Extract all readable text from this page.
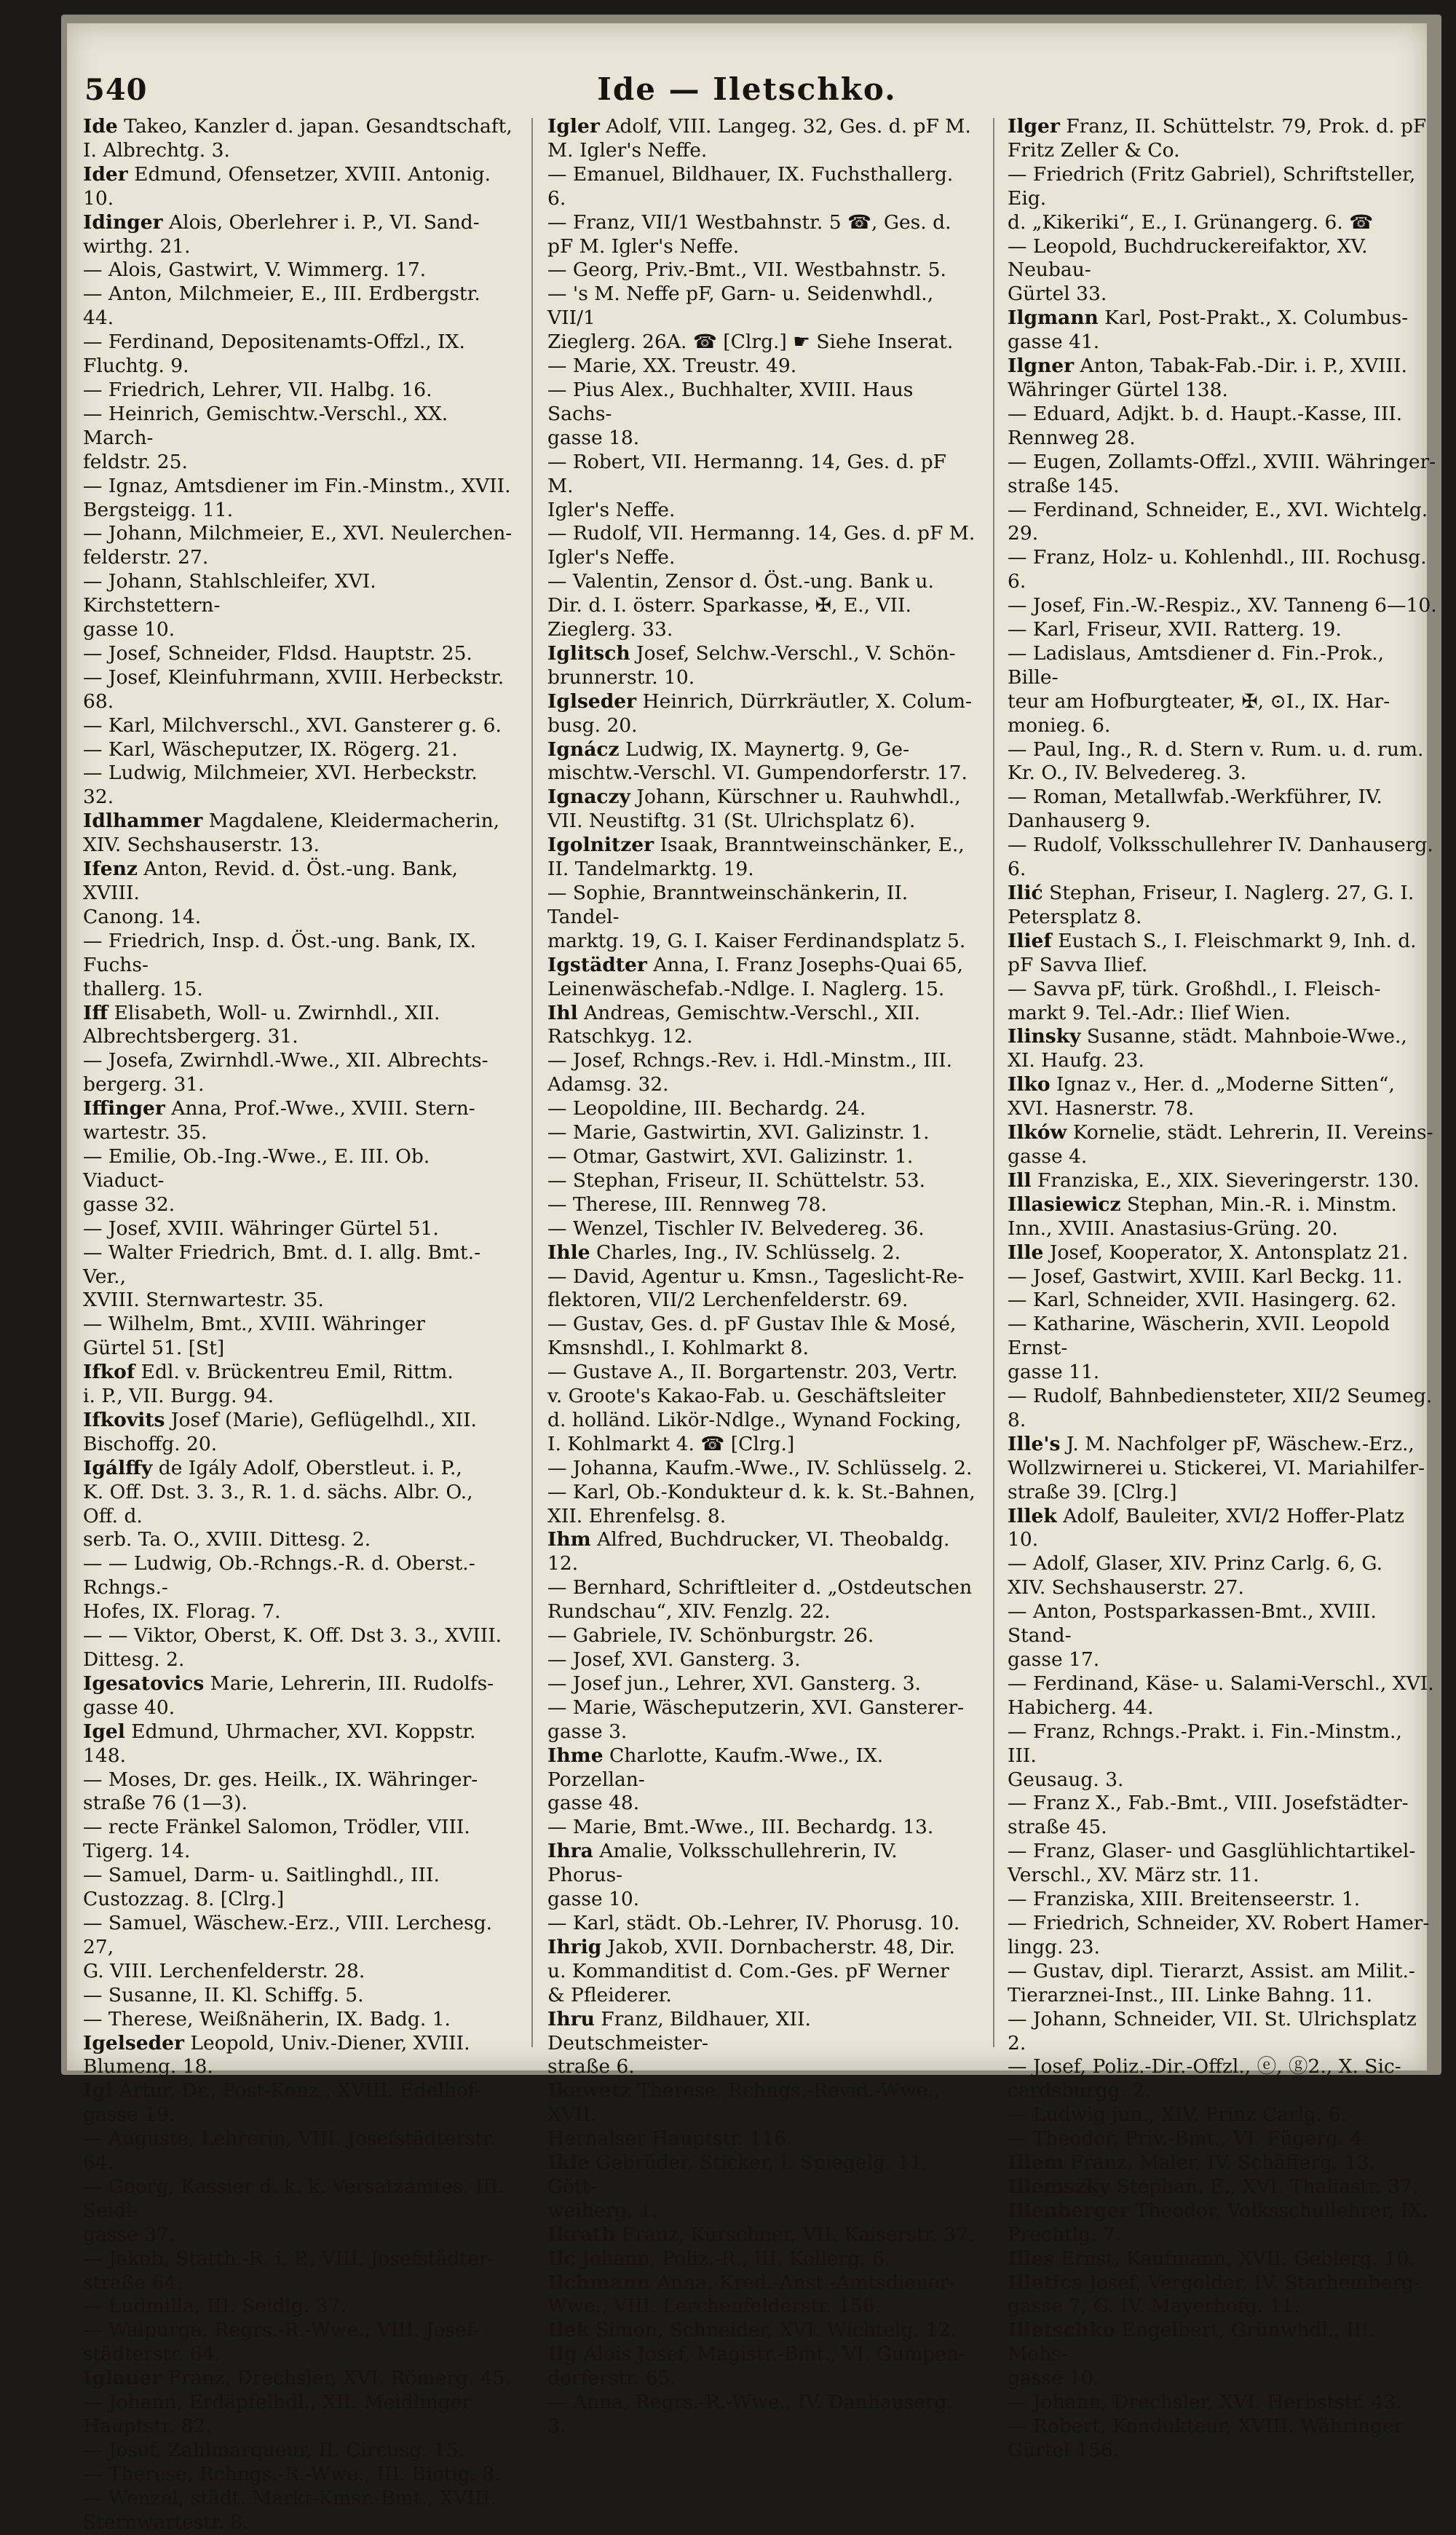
540	Ide — Iletschko.
Ide Takeo, Kanzler d. japan. Gesandtschaft,
I. Albrechtg. 3.
Ider Edmund, Ofensetzer, XVIII. Antonig. 10.
Idinger Alois, Oberlehrer i. P., VI. Sand-
wirthg. 21.
— Alois, Gastwirt, V. Wimmerg. 17.
— Anton, Milchmeier, E., III. Erdbergstr. 44.
— Ferdinand, Depositenamts-Offzl., IX.
Fluchtg. 9.
— Friedrich, Lehrer, VII. Halbg. 16.
— Heinrich, Gemischtw.-Verschl., XX. March-
feldstr. 25.
— Ignaz, Amtsdiener im Fin.-Minstm., XVII.
Bergsteigg. 11.
— Johann, Milchmeier, E., XVI. Neulerchen-
felderstr. 27.
— Johann, Stahlschleifer, XVI. Kirchstettern-
gasse 10.
— Josef, Schneider, Fldsd. Hauptstr. 25.
— Josef, Kleinfuhrmann, XVIII. Herbeckstr. 68.
— Karl, Milchverschl., XVI. Gansterer g. 6.
— Karl, Wäscheputzer, IX. Rögerg. 21.
— Ludwig, Milchmeier, XVI. Herbeckstr. 32.
Idlhammer Magdalene, Kleidermacherin,
XIV. Sechshauserstr. 13.
Ifenz Anton, Revid. d. Öst.-ung. Bank, XVIII.
Canong. 14.
— Friedrich, Insp. d. Öst.-ung. Bank, IX. Fuchs-
thallerg. 15.
Iff Elisabeth, Woll- u. Zwirnhdl., XII.
Albrechtsbergerg. 31.
— Josefa, Zwirnhdl.-Wwe., XII. Albrechts-
bergerg. 31.
Iffinger Anna, Prof.-Wwe., XVIII. Stern-
wartestr. 35.
— Emilie, Ob.-Ing.-Wwe., E. III. Ob. Viaduct-
gasse 32.
— Josef, XVIII. Währinger Gürtel 51.
— Walter Friedrich, Bmt. d. I. allg. Bmt.-Ver.,
XVIII. Sternwartestr. 35.
— Wilhelm, Bmt., XVIII. Währinger
Gürtel 51. [St]
Ifkof Edl. v. Brückentreu Emil, Rittm.
i. P., VII. Burgg. 94.
Ifkovits Josef (Marie), Geflügelhdl., XII.
Bischoffg. 20.
Igálffy de Igály Adolf, Oberstleut. i. P.,
K. Off. Dst. 3. 3., R. 1. d. sächs. Albr. O., Off. d.
serb. Ta. O., XVIII. Dittesg. 2.
— — Ludwig, Ob.-Rchngs.-R. d. Oberst.-Rchngs.-
Hofes, IX. Florag. 7.
— — Viktor, Oberst, K. Off. Dst 3. 3., XVIII.
Dittesg. 2.
Igesatovics Marie, Lehrerin, III. Rudolfs-
gasse 40.
Igel Edmund, Uhrmacher, XVI. Koppstr. 148.
— Moses, Dr. ges. Heilk., IX. Währinger-
straße 76 (1—3).
— recte Fränkel Salomon, Trödler, VIII.
Tigerg. 14.
— Samuel, Darm- u. Saitlinghdl., III.
Custozzag. 8. [Clrg.]
— Samuel, Wäschew.-Erz., VIII. Lerchesg. 27,
G. VIII. Lerchenfelderstr. 28.
— Susanne, II. Kl. Schiffg. 5.
— Therese, Weißnäherin, IX. Badg. 1.
Igelseder Leopold, Univ.-Diener, XVIII.
Blumeng. 18.
Igl Artur, Dr., Post-Konz., XVIII. Edelhof-
gasse 19.
— Auguste, Lehrerin, VIII. Josefstädterstr. 64.
— Georg, Kassier d. k. k. Versatzamtes, III. Seidl-
gasse 37.
— Jakob, Statth.-R. i. P., VIII. Josefstädter-
straße 64.
— Ludmilla, III. Seidlg. 37.
— Walpurga, Regrs.-R.-Wwe., VIII. Josef-
städterstr. 64.
Iglauer Franz, Drechsler, XVI. Römerg. 45.
— Johann, Erdäpfelhdl., XII. Meidlinger
Hauptstr. 82.
— Josef, Zahlmarqueur, II. Circusg. 15.
— Therese, Rchngs.-R.-Wwe., III. Biotig. 8.
— Wenzel, städt. Markt-Kmsr.-Bmt., XVIII.
Sternwartestr. 8.
Igler Adolf, VIII. Langeg. 32, Ges. d. pF M.
M. Igler's Neffe.
— Emanuel, Bildhauer, IX. Fuchsthallerg. 6.
— Franz, VII/1 Westbahnstr. 5 ☎, Ges. d.
pF M. Igler's Neffe.
— Georg, Priv.-Bmt., VII. Westbahnstr. 5.
— 's M. Neffe pF, Garn- u. Seidenwhdl., VII/1
Zieglerg. 26A. ☎ [Clrg.] ☛ Siehe Inserat.
— Marie, XX. Treustr. 49.
— Pius Alex., Buchhalter, XVIII. Haus Sachs-
gasse 18.
— Robert, VII. Hermanng. 14, Ges. d. pF M.
Igler's Neffe.
— Rudolf, VII. Hermanng. 14, Ges. d. pF M.
Igler's Neffe.
— Valentin, Zensor d. Öst.-ung. Bank u.
Dir. d. I. österr. Sparkasse, ✠, E., VII.
Zieglerg. 33.
Iglitsch Josef, Selchw.-Verschl., V. Schön-
brunnerstr. 10.
Iglseder Heinrich, Dürrkräutler, X. Colum-
busg. 20.
Ignácz Ludwig, IX. Maynertg. 9, Ge-
mischtw.-Verschl. VI. Gumpendorferstr. 17.
Ignaczy Johann, Kürschner u. Rauhwhdl.,
VII. Neustiftg. 31 (St. Ulrichsplatz 6).
Igolnitzer Isaak, Branntweinschänker, E.,
II. Tandelmarktg. 19.
— Sophie, Branntweinschänkerin, II. Tandel-
marktg. 19, G. I. Kaiser Ferdinandsplatz 5.
Igstädter Anna, I. Franz Josephs-Quai 65,
Leinenwäschefab.-Ndlge. I. Naglerg. 15.
Ihl Andreas, Gemischtw.-Verschl., XII.
Ratschkyg. 12.
— Josef, Rchngs.-Rev. i. Hdl.-Minstm., III.
Adamsg. 32.
— Leopoldine, III. Bechardg. 24.
— Marie, Gastwirtin, XVI. Galizinstr. 1.
— Otmar, Gastwirt, XVI. Galizinstr. 1.
— Stephan, Friseur, II. Schüttelstr. 53.
— Therese, III. Rennweg 78.
— Wenzel, Tischler IV. Belvedereg. 36.
Ihle Charles, Ing., IV. Schlüsselg. 2.
— David, Agentur u. Kmsn., Tageslicht-Re-
flektoren, VII/2 Lerchenfelderstr. 69.
— Gustav, Ges. d. pF Gustav Ihle & Mosé,
Kmsnshdl., I. Kohlmarkt 8.
— Gustave A., II. Borgartenstr. 203, Vertr.
v. Groote's Kakao-Fab. u. Geschäftsleiter
d. holländ. Likör-Ndlge., Wynand Focking,
I. Kohlmarkt 4. ☎ [Clrg.]
— Johanna, Kaufm.-Wwe., IV. Schlüsselg. 2.
— Karl, Ob.-Kondukteur d. k. k. St.-Bahnen,
XII. Ehrenfelsg. 8.
Ihm Alfred, Buchdrucker, VI. Theobaldg. 12.
— Bernhard, Schriftleiter d. „Ostdeutschen
Rundschau“, XIV. Fenzlg. 22.
— Gabriele, IV. Schönburgstr. 26.
— Josef, XVI. Gansterg. 3.
— Josef jun., Lehrer, XVI. Gansterg. 3.
— Marie, Wäscheputzerin, XVI. Gansterer-
gasse 3.
Ihme Charlotte, Kaufm.-Wwe., IX. Porzellan-
gasse 48.
— Marie, Bmt.-Wwe., III. Bechardg. 13.
Ihra Amalie, Volksschullehrerin, IV. Phorus-
gasse 10.
— Karl, städt. Ob.-Lehrer, IV. Phorusg. 10.
Ihrig Jakob, XVII. Dornbacherstr. 48, Dir.
u. Kommanditist d. Com.-Ges. pF Werner
& Pfleiderer.
Ihru Franz, Bildhauer, XII. Deutschmeister-
straße 6.
Ikawetz Therese, Rchngs.-Revid.-Wwe., XVII.
Hernalser Hauptstr. 116.
Ikle Gebrüder, Sticker, I. Spiegelg. 11, Gött-
weiherg. 1.
Ikrath Franz, Kürschner, VII. Kaiserstr. 37.
Ilc Johann, Poliz.-R., III. Kollerg. 6.
Ilchmann Anna, Kred.-Anst.-Amtsdiener-
Wwe., VIII. Lerchenfelderstr. 156.
Ilek Simon, Schneider, XVI. Wichtelg. 12.
Ilg Alois Josef, Magistr.-Bmt., VI. Gumpen-
dorferstr. 65.
— Anna, Regrs.-R.-Wwe., IV. Danhauserg. 3.
Ilger Franz, II. Schüttelstr. 79, Prok. d. pF
Fritz Zeller & Co.
— Friedrich (Fritz Gabriel), Schriftsteller, Eig.
d. „Kikeriki“, E., I. Grünangerg. 6. ☎
— Leopold, Buchdruckereifaktor, XV. Neubau-
Gürtel 33.
Ilgmann Karl, Post-Prakt., X. Columbus-
gasse 41.
Ilgner Anton, Tabak-Fab.-Dir. i. P., XVIII.
Währinger Gürtel 138.
— Eduard, Adjkt. b. d. Haupt.-Kasse, III.
Rennweg 28.
— Eugen, Zollamts-Offzl., XVIII. Währinger-
straße 145.
— Ferdinand, Schneider, E., XVI. Wichtelg. 29.
— Franz, Holz- u. Kohlenhdl., III. Rochusg. 6.
— Josef, Fin.-W.-Respiz., XV. Tanneng 6—10.
— Karl, Friseur, XVII. Ratterg. 19.
— Ladislaus, Amtsdiener d. Fin.-Prok., Bille-
teur am Hofburgteater, ✠, ⊙I., IX. Har-
monieg. 6.
— Paul, Ing., R. d. Stern v. Rum. u. d. rum.
Kr. O., IV. Belvedereg. 3.
— Roman, Metallwfab.-Werkführer, IV.
Danhauserg 9.
— Rudolf, Volksschullehrer IV. Danhauserg. 6.
Ilić Stephan, Friseur, I. Naglerg. 27, G. I.
Petersplatz 8.
Ilief Eustach S., I. Fleischmarkt 9, Inh. d.
pF Savva Ilief.
— Savva pF, türk. Großhdl., I. Fleisch-
markt 9. Tel.-Adr.: Ilief Wien.
Ilinsky Susanne, städt. Mahnboie-Wwe.,
XI. Haufg. 23.
Ilko Ignaz v., Her. d. „Moderne Sitten“,
XVI. Hasnerstr. 78.
Ilków Kornelie, städt. Lehrerin, II. Vereins-
gasse 4.
Ill Franziska, E., XIX. Sieveringerstr. 130.
Illasiewicz Stephan, Min.-R. i. Minstm.
Inn., XVIII. Anastasius-Grüng. 20.
Ille Josef, Kooperator, X. Antonsplatz 21.
— Josef, Gastwirt, XVIII. Karl Beckg. 11.
— Karl, Schneider, XVII. Hasingerg. 62.
— Katharine, Wäscherin, XVII. Leopold Ernst-
gasse 11.
— Rudolf, Bahnbediensteter, XII/2 Seumeg. 8.
Ille's J. M. Nachfolger pF, Wäschew.-Erz.,
Wollzwirnerei u. Stickerei, VI. Mariahilfer-
straße 39. [Clrg.]
Illek Adolf, Bauleiter, XVI/2 Hoffer-Platz 10.
— Adolf, Glaser, XIV. Prinz Carlg. 6, G.
XIV. Sechshauserstr. 27.
— Anton, Postsparkassen-Bmt., XVIII. Stand-
gasse 17.
— Ferdinand, Käse- u. Salami-Verschl., XVI.
Habicherg. 44.
— Franz, Rchngs.-Prakt. i. Fin.-Minstm., III.
Geusaug. 3.
— Franz X., Fab.-Bmt., VIII. Josefstädter-
straße 45.
— Franz, Glaser- und Gasglühlichtartikel-
Verschl., XV. März str. 11.
— Franziska, XIII. Breitenseerstr. 1.
— Friedrich, Schneider, XV. Robert Hamer-
lingg. 23.
— Gustav, dipl. Tierarzt, Assist. am Milit.-
Tierarznei-Inst., III. Linke Bahng. 11.
— Johann, Schneider, VII. St. Ulrichsplatz 2.
— Josef, Poliz.-Dir.-Offzl., ⓔ, ⓖ2., X. Sic-
cardsburgg. 2.
— Ludwig jun., XIV. Prinz Carlg. 6.
— Theodor, Priv.-Bmt., VI. Fügerg. 4.
Illem Franz, Maler, IV. Schäfferg. 13.
Illemszky Stephan, E., XVI. Thaliastr. 37.
Illenberger Theodor, Volksschullehrer, IX.
Prechtlg. 7.
Illes Ernst, Kaufmann, XVII. Geblerg. 10.
Illetics Josef, Vergolder, IV. Starhemberg-
gasse 7, G. IV. Mayerhofg. 11.
Illetschko Engelbert, Grünwhdl., III. Mohs-
gasse 10.
— Johann, Drechsler, XVI. Herbststr. 43.
— Robert, Kondukteur, XVIII. Währinger
Gürtel 156.
